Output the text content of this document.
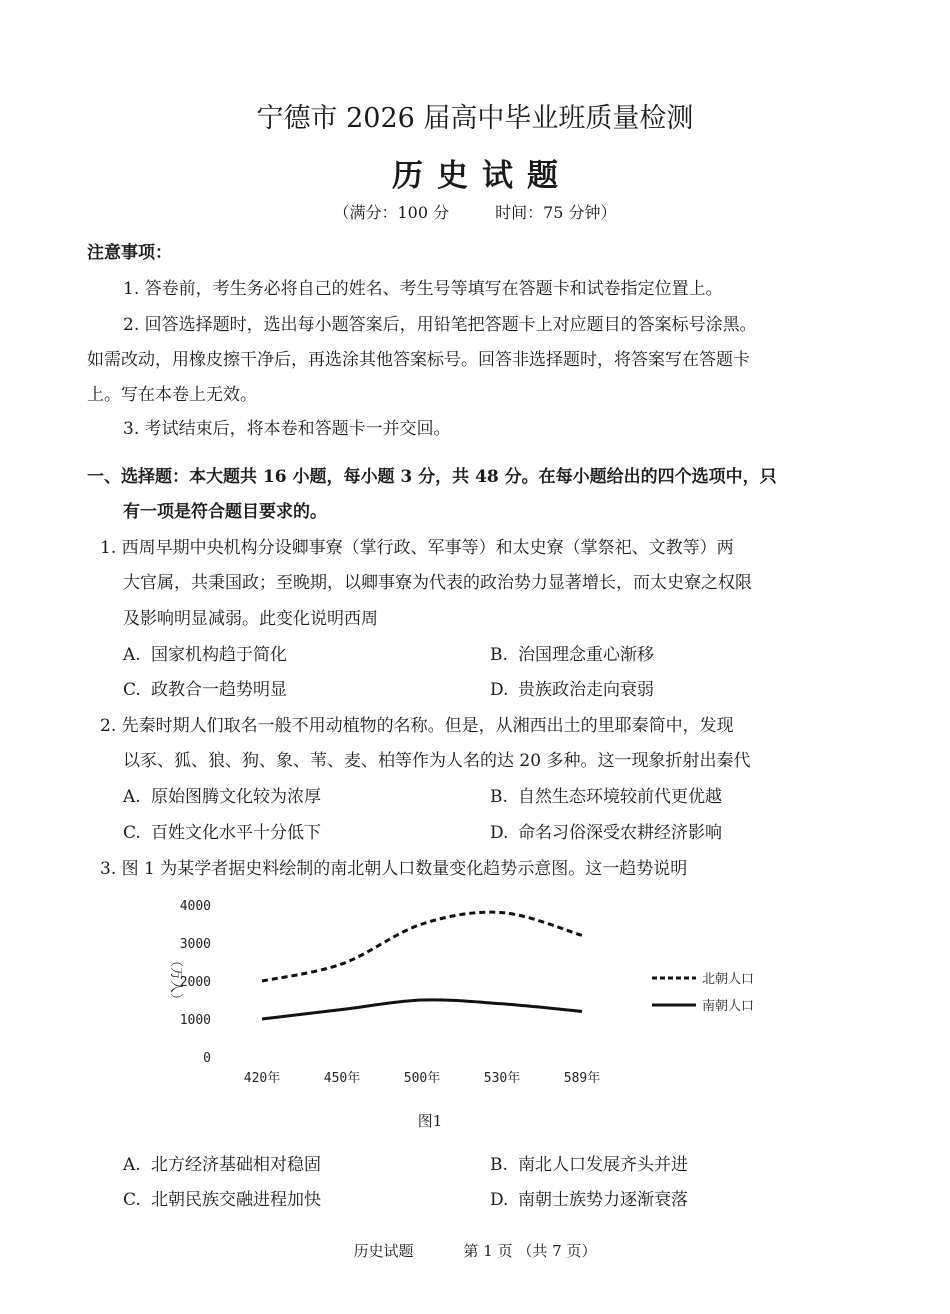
宁德市 2026 届高中毕业班质量检测
历史试题
（满分：100 分	时间：75 分钟）
注意事项：
1. 答卷前，考生务必将自己的姓名、考生号等填写在答题卡和试卷指定位置上。
2. 回答选择题时，选出每小题答案后，用铅笔把答题卡上对应题目的答案标号涂黑。
如需改动，用橡皮擦干净后，再选涂其他答案标号。回答非选择题时，将答案写在答题卡
上。写在本卷上无效。
3. 考试结束后，将本卷和答题卡一并交回。
一、选择题：本大题共 16 小题，每小题 3 分，共 48 分。在每小题给出的四个选项中，只
有一项是符合题目要求的。
1. 西周早期中央机构分设卿事寮（掌行政、军事等）和太史寮（掌祭祀、文教等）两
大官属，共秉国政；至晚期，以卿事寮为代表的政治势力显著增长，而太史寮之权限
及影响明显减弱。此变化说明西周
A. 国家机构趋于简化	B. 治国理念重心渐移
C. 政教合一趋势明显	D. 贵族政治走向衰弱
2. 先秦时期人们取名一般不用动植物的名称。但是，从湘西出土的里耶秦简中，发现
以豕、狐、狼、狗、象、苇、麦、柏等作为人名的达 20 多种。这一现象折射出秦代
A. 原始图腾文化较为浓厚	B. 自然生态环境较前代更优越
C. 百姓文化水平十分低下	D. 命名习俗深受农耕经济影响
3. 图 1 为某学者据史料绘制的南北朝人口数量变化趋势示意图。这一趋势说明
0
1000
2000
3000
4000
（万人）
420年	450年	500年	530年	589年
北朝人口
南朝人口
图1
A. 北方经济基础相对稳固	B. 南北人口发展齐头并进
C. 北朝民族交融进程加快	D. 南朝士族势力逐渐衰落
历史试题	第 1 页 （共 7 页）
